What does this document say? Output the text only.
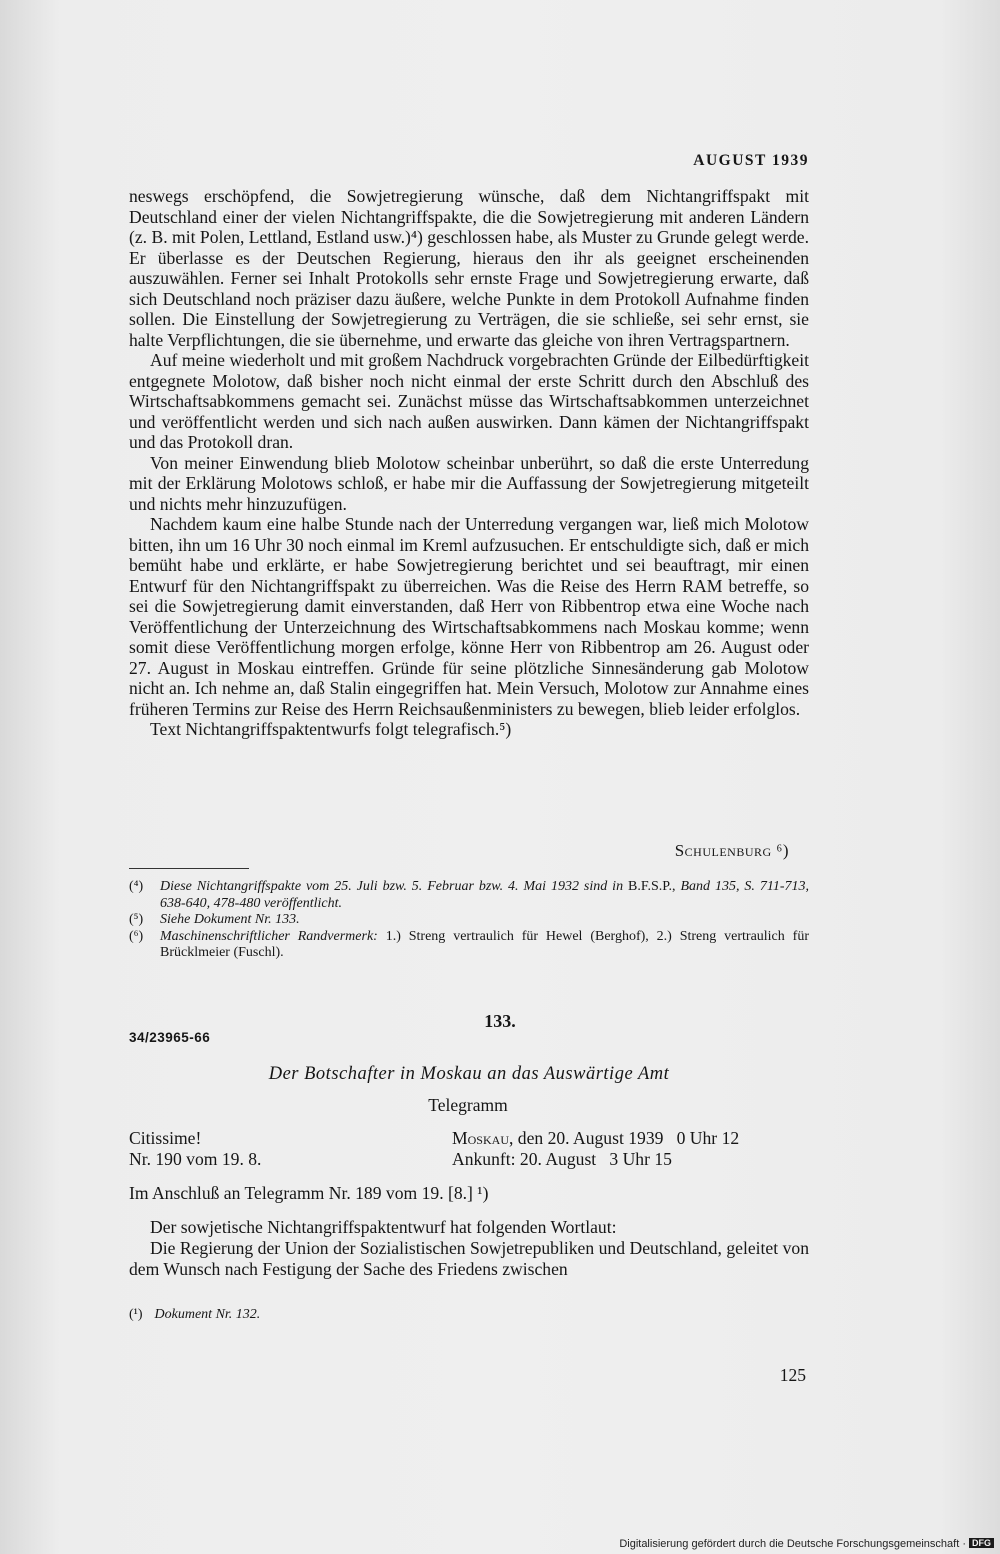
AUGUST 1939

neswegs erschöpfend, die Sowjetregierung wünsche, daß dem Nichtangriffspakt mit Deutschland einer der vielen Nichtangriffspakte, die die Sowjetregierung mit anderen Ländern (z. B. mit Polen, Lettland, Estland usw.)⁴) geschlossen habe, als Muster zu Grunde gelegt werde. Er überlasse es der Deutschen Regierung, hieraus den ihr als geeignet erscheinenden auszuwählen. Ferner sei Inhalt Protokolls sehr ernste Frage und Sowjetregierung erwarte, daß sich Deutschland noch präziser dazu äußere, welche Punkte in dem Protokoll Aufnahme finden sollen. Die Einstellung der Sowjetregierung zu Verträgen, die sie schließe, sei sehr ernst, sie halte Verpflichtungen, die sie übernehme, und erwarte das gleiche von ihren Vertragspartnern.

Auf meine wiederholt und mit großem Nachdruck vorgebrachten Gründe der Eilbedürftigkeit entgegnete Molotow, daß bisher noch nicht einmal der erste Schritt durch den Abschluß des Wirtschaftsabkommens gemacht sei. Zunächst müsse das Wirtschaftsabkommen unterzeichnet und veröffentlicht werden und sich nach außen auswirken. Dann kämen der Nichtangriffspakt und das Protokoll dran.

Von meiner Einwendung blieb Molotow scheinbar unberührt, so daß die erste Unterredung mit der Erklärung Molotows schloß, er habe mir die Auffassung der Sowjetregierung mitgeteilt und nichts mehr hinzuzufügen.

Nachdem kaum eine halbe Stunde nach der Unterredung vergangen war, ließ mich Molotow bitten, ihn um 16 Uhr 30 noch einmal im Kreml aufzusuchen. Er entschuldigte sich, daß er mich bemüht habe und erklärte, er habe Sowjetregierung berichtet und sei beauftragt, mir einen Entwurf für den Nichtangriffspakt zu überreichen. Was die Reise des Herrn RAM betreffe, so sei die Sowjetregierung damit einverstanden, daß Herr von Ribbentrop etwa eine Woche nach Veröffentlichung der Unterzeichnung des Wirtschaftsabkommens nach Moskau komme; wenn somit diese Veröffentlichung morgen erfolge, könne Herr von Ribbentrop am 26. August oder 27. August in Moskau eintreffen. Gründe für seine plötzliche Sinnesänderung gab Molotow nicht an. Ich nehme an, daß Stalin eingegriffen hat. Mein Versuch, Molotow zur Annahme eines früheren Termins zur Reise des Herrn Reichsaußenministers zu bewegen, blieb leider erfolglos.

Text Nichtangriffspaktentwurfs folgt telegrafisch.⁵)

Schulenburg ⁶)

(⁴) Diese Nichtangriffspakte vom 25. Juli bzw. 5. Februar bzw. 4. Mai 1932 sind in B.F.S.P., Band 135, S. 711-713, 638-640, 478-480 veröffentlicht.

(⁵) Siehe Dokument Nr. 133.

(⁶) Maschinenschriftlicher Randvermerk: 1.) Streng vertraulich für Hewel (Berghof), 2.) Streng vertraulich für Brücklmeier (Fuschl).

133.
34/23965-66
Der Botschafter in Moskau an das Auswärtige Amt
Telegramm
Citissime!
Nr. 190 vom 19. 8.
Moskau, den 20. August 1939   0 Uhr 12
Ankunft: 20. August   3 Uhr 15

Im Anschluß an Telegramm Nr. 189 vom 19. [8.] ¹)

Der sowjetische Nichtangriffspaktentwurf hat folgenden Wortlaut:

Die Regierung der Union der Sozialistischen Sowjetrepubliken und Deutschland, geleitet von dem Wunsch nach Festigung der Sache des Friedens zwischen

(¹) Dokument Nr. 132.
125
Digitalisierung gefördert durch die Deutsche Forschungsgemeinschaft · DFG
